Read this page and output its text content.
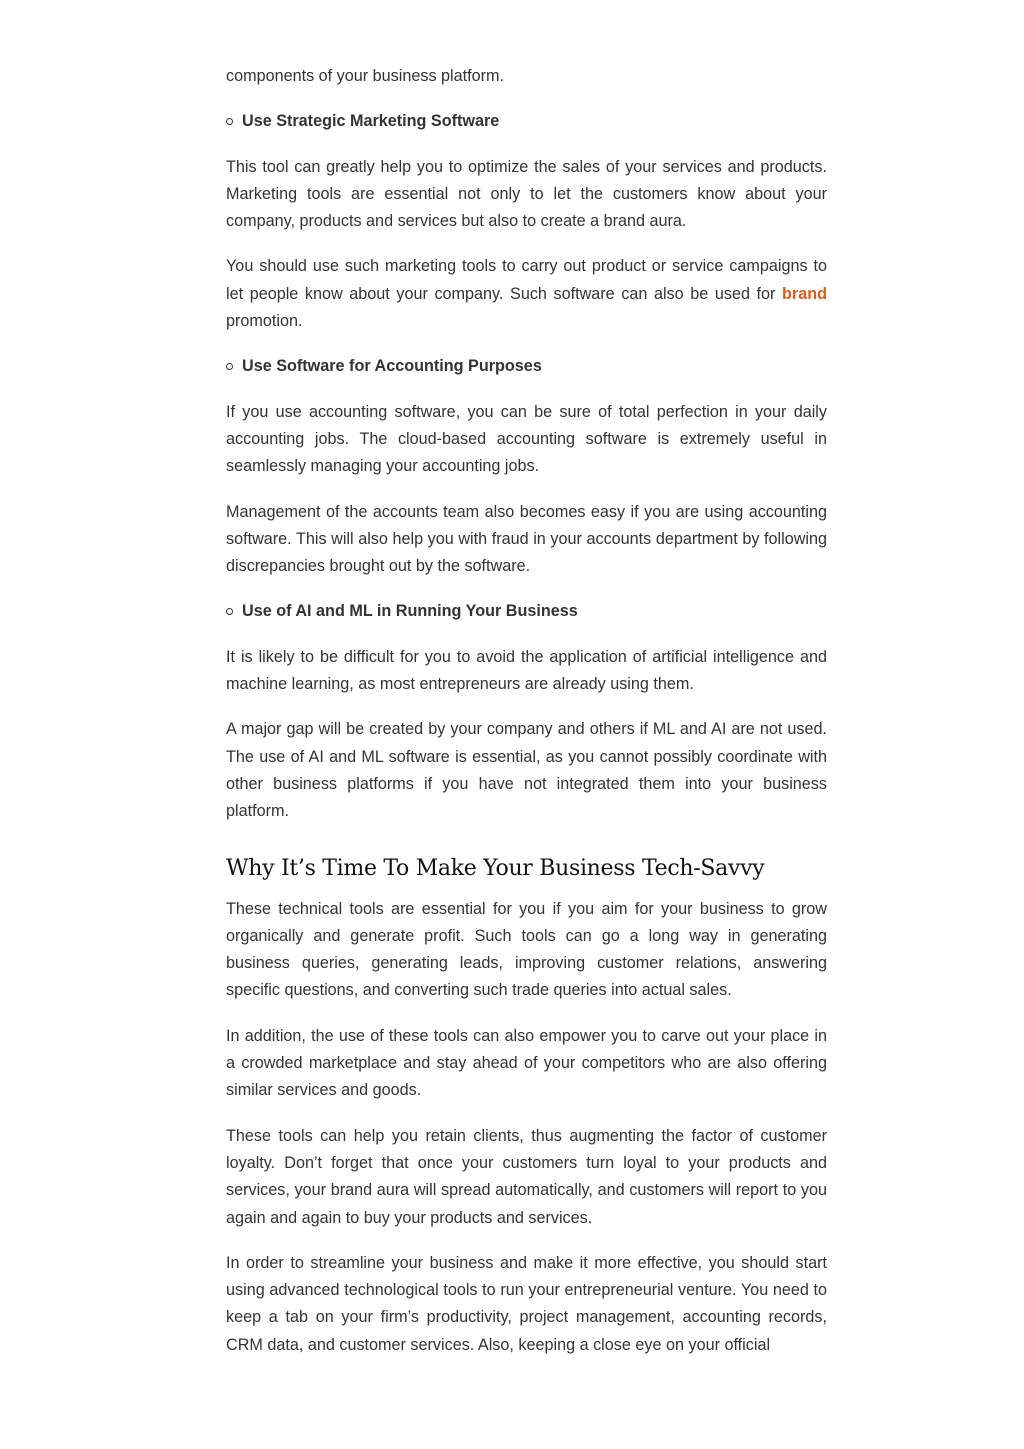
components of your business platform.

Use Strategic Marketing Software

This tool can greatly help you to optimize the sales of your services and products. Marketing tools are essential not only to let the customers know about your company, products and services but also to create a brand aura.

You should use such marketing tools to carry out product or service campaigns to let people know about your company. Such software can also be used for brand promotion.

Use Software for Accounting Purposes

If you use accounting software, you can be sure of total perfection in your daily accounting jobs. The cloud-based accounting software is extremely useful in seamlessly managing your accounting jobs.

Management of the accounts team also becomes easy if you are using accounting software. This will also help you with fraud in your accounts department by following discrepancies brought out by the software.

Use of AI and ML in Running Your Business

It is likely to be difficult for you to avoid the application of artificial intelligence and machine learning, as most entrepreneurs are already using them.

A major gap will be created by your company and others if ML and AI are not used. The use of AI and ML software is essential, as you cannot possibly coordinate with other business platforms if you have not integrated them into your business platform.

Why It’s Time To Make Your Business Tech-Savvy

These technical tools are essential for you if you aim for your business to grow organically and generate profit. Such tools can go a long way in generating business queries, generating leads, improving customer relations, answering specific questions, and converting such trade queries into actual sales.

In addition, the use of these tools can also empower you to carve out your place in a crowded marketplace and stay ahead of your competitors who are also offering similar services and goods.

These tools can help you retain clients, thus augmenting the factor of customer loyalty. Don’t forget that once your customers turn loyal to your products and services, your brand aura will spread automatically, and customers will report to you again and again to buy your products and services.

In order to streamline your business and make it more effective, you should start using advanced technological tools to run your entrepreneurial venture. You need to keep a tab on your firm’s productivity, project management, accounting records, CRM data, and customer services. Also, keeping a close eye on your official
